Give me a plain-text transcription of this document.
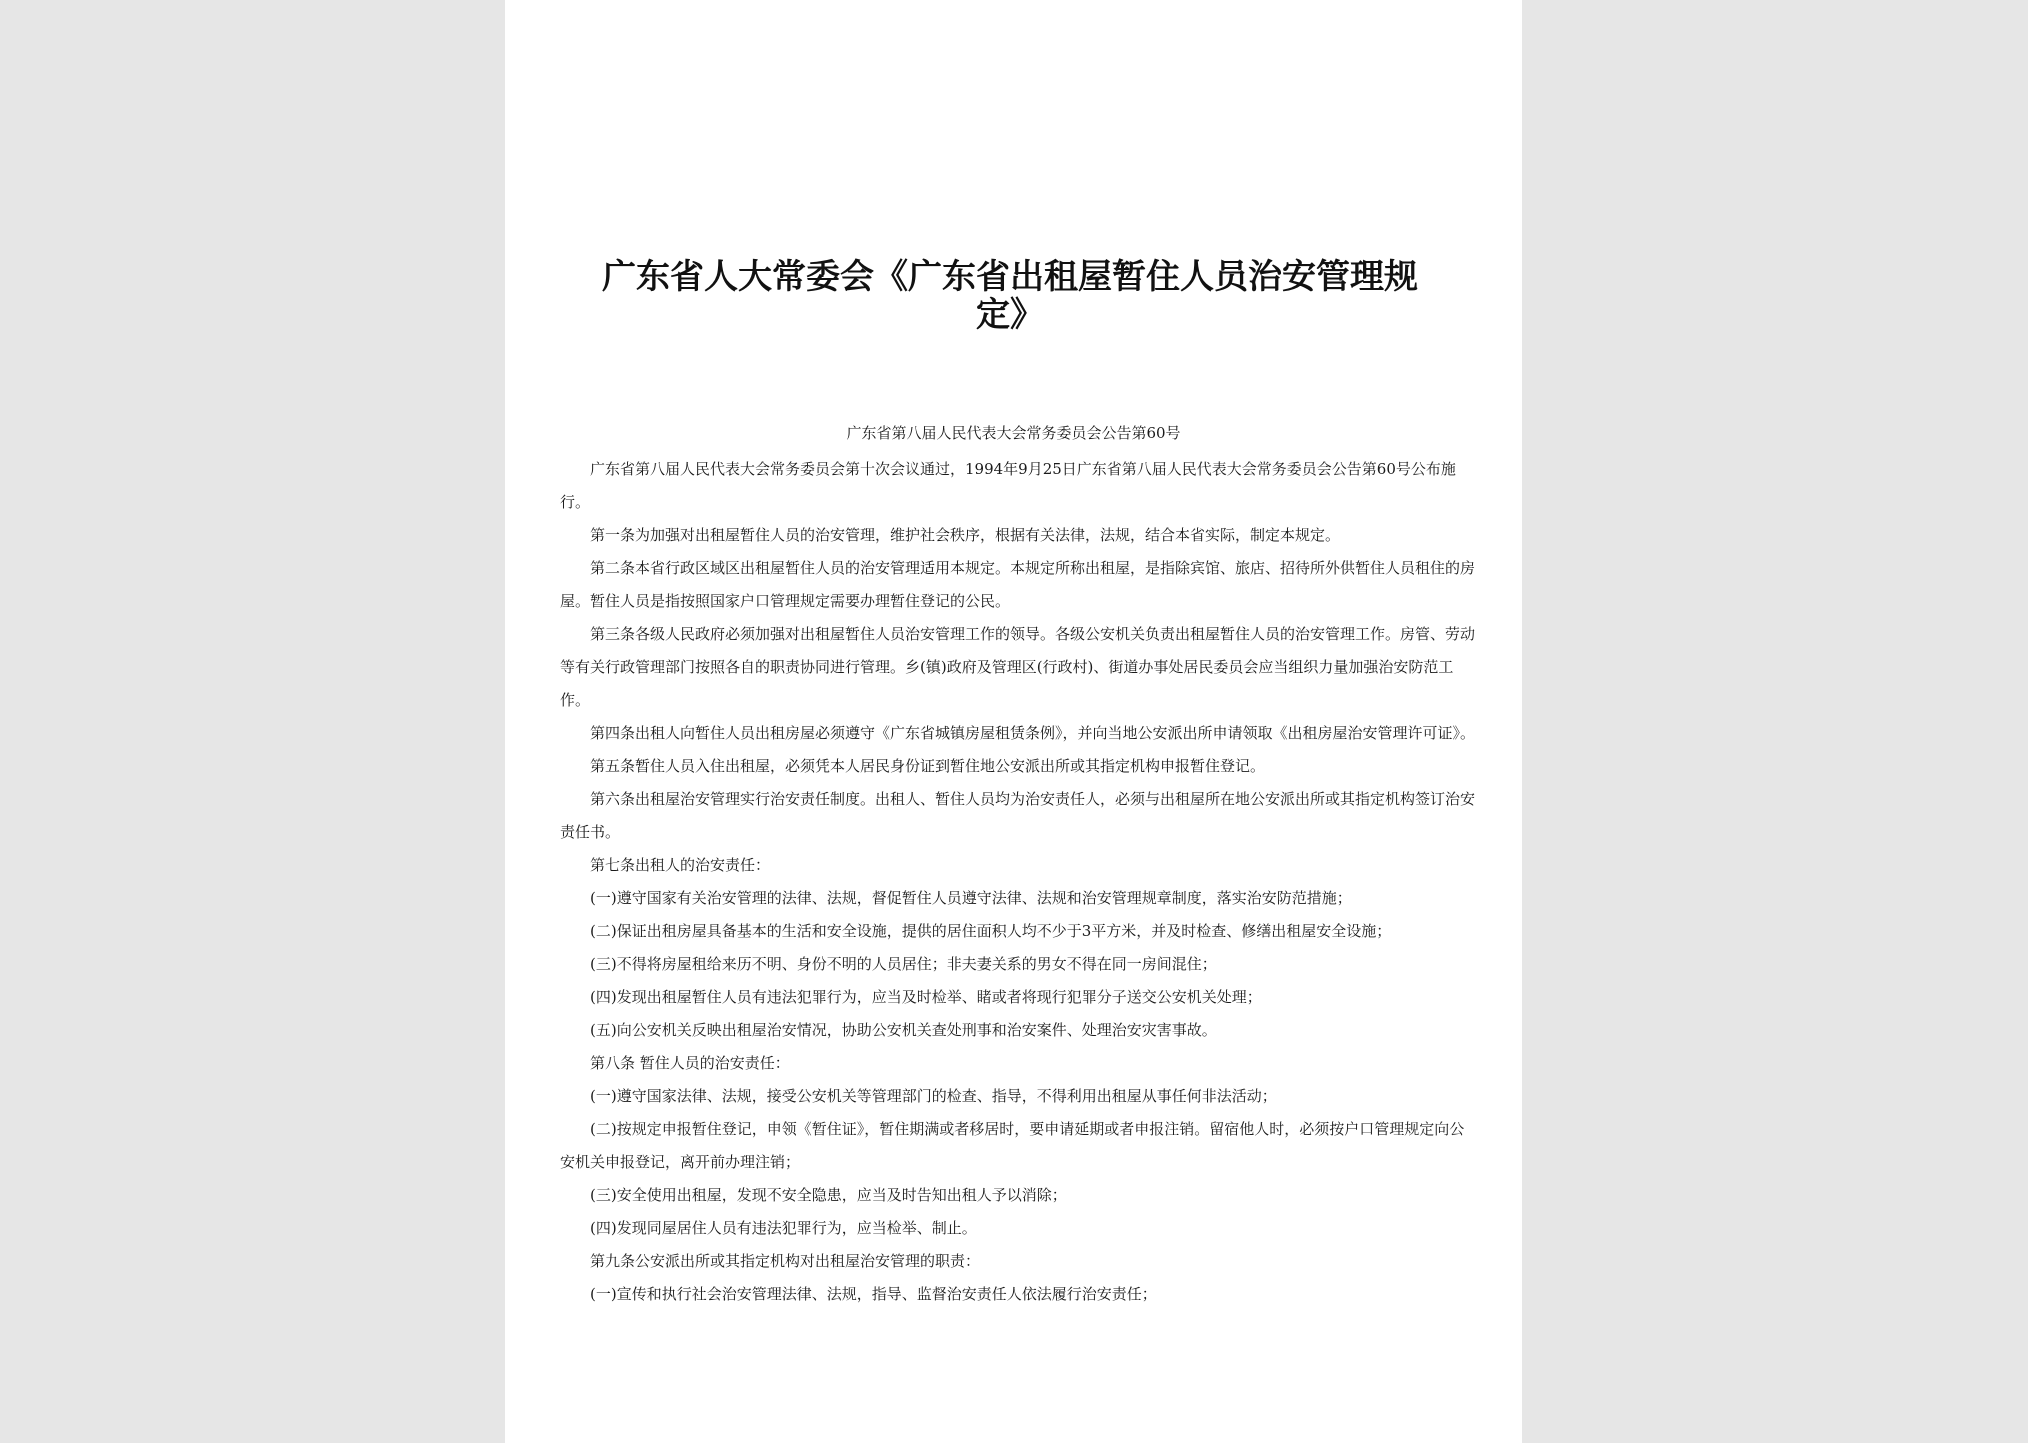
广东省人大常委会《广东省出租屋暂住人员治安管理规定》
广东省第八届人民代表大会常务委员会公告第60号

广东省第八届人民代表大会常务委员会第十次会议通过，1994年9月25日广东省第八届人民代表大会常务委员会公告第60号公布施行。

第一条为加强对出租屋暂住人员的治安管理，维护社会秩序，根据有关法律，法规，结合本省实际，制定本规定。

第二条本省行政区域区出租屋暂住人员的治安管理适用本规定。本规定所称出租屋，是指除宾馆、旅店、招待所外供暂住人员租住的房屋。暂住人员是指按照国家户口管理规定需要办理暂住登记的公民。

第三条各级人民政府必须加强对出租屋暂住人员治安管理工作的领导。各级公安机关负责出租屋暂住人员的治安管理工作。房管、劳动等有关行政管理部门按照各自的职责协同进行管理。乡(镇)政府及管理区(行政村)、街道办事处居民委员会应当组织力量加强治安防范工作。

第四条出租人向暂住人员出租房屋必须遵守《广东省城镇房屋租赁条例》，并向当地公安派出所申请领取《出租房屋治安管理许可证》。

第五条暂住人员入住出租屋，必须凭本人居民身份证到暂住地公安派出所或其指定机构申报暂住登记。

第六条出租屋治安管理实行治安责任制度。出租人、暂住人员均为治安责任人，必须与出租屋所在地公安派出所或其指定机构签订治安责任书。

第七条出租人的治安责任：

(一)遵守国家有关治安管理的法律、法规，督促暂住人员遵守法律、法规和治安管理规章制度，落实治安防范措施；

(二)保证出租房屋具备基本的生活和安全设施，提供的居住面积人均不少于3平方米，并及时检查、修缮出租屋安全设施；

(三)不得将房屋租给来历不明、身份不明的人员居住；非夫妻关系的男女不得在同一房间混住；

(四)发现出租屋暂住人员有违法犯罪行为，应当及时检举、睹或者将现行犯罪分子送交公安机关处理；

(五)向公安机关反映出租屋治安情况，协助公安机关查处刑事和治安案件、处理治安灾害事故。

第八条 暂住人员的治安责任：

(一)遵守国家法律、法规，接受公安机关等管理部门的检查、指导，不得利用出租屋从事任何非法活动；

(二)按规定申报暂住登记，申领《暂住证》，暂住期满或者移居时，要申请延期或者申报注销。留宿他人时，必须按户口管理规定向公安机关申报登记，离开前办理注销；

(三)安全使用出租屋，发现不安全隐患，应当及时告知出租人予以消除；

(四)发现同屋居住人员有违法犯罪行为，应当检举、制止。

第九条公安派出所或其指定机构对出租屋治安管理的职责：

(一)宣传和执行社会治安管理法律、法规，指导、监督治安责任人依法履行治安责任；
